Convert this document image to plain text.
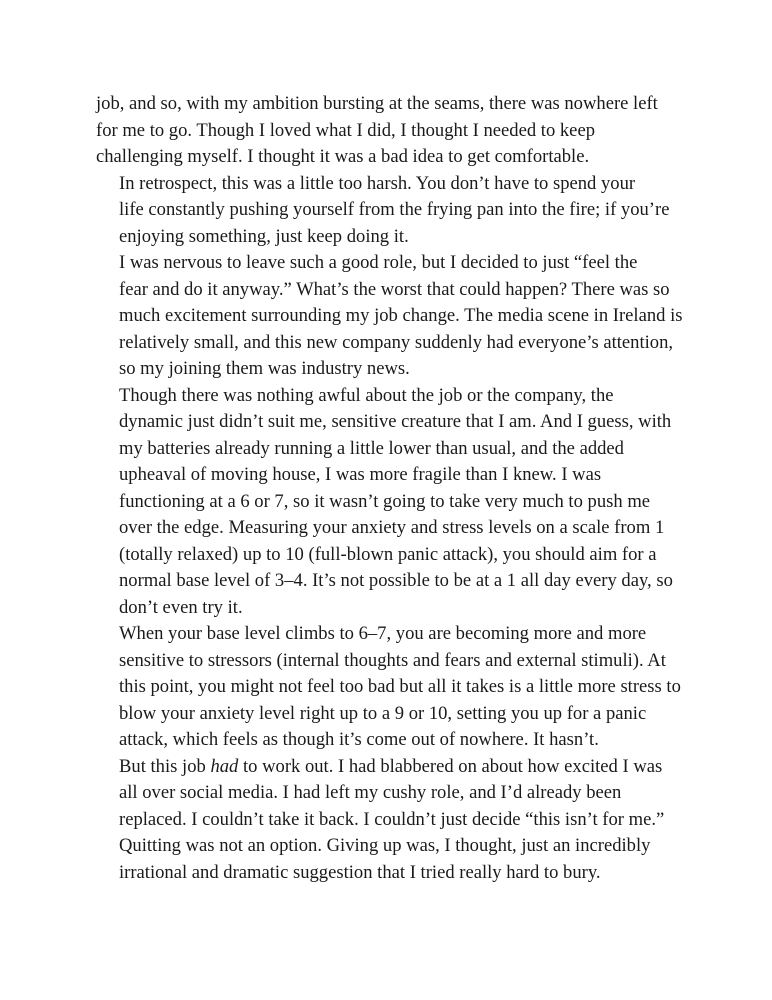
job, and so, with my ambition bursting at the seams, there was nowhere left
for me to go. Though I loved what I did, I thought I needed to keep
challenging myself. I thought it was a bad idea to get comfortable.

In retrospect, this was a little too harsh. You don’t have to spend your
life constantly pushing yourself from the frying pan into the fire; if you’re
enjoying something, just keep doing it.

I was nervous to leave such a good role, but I decided to just “feel the
fear and do it anyway.” What’s the worst that could happen? There was so
much excitement surrounding my job change. The media scene in Ireland is
relatively small, and this new company suddenly had everyone’s attention,
so my joining them was industry news.

Though there was nothing awful about the job or the company, the
dynamic just didn’t suit me, sensitive creature that I am. And I guess, with
my batteries already running a little lower than usual, and the added
upheaval of moving house, I was more fragile than I knew. I was
functioning at a 6 or 7, so it wasn’t going to take very much to push me
over the edge. Measuring your anxiety and stress levels on a scale from 1
(totally relaxed) up to 10 (full-blown panic attack), you should aim for a
normal base level of 3–4. It’s not possible to be at a 1 all day every day, so
don’t even try it.

When your base level climbs to 6–7, you are becoming more and more
sensitive to stressors (internal thoughts and fears and external stimuli). At
this point, you might not feel too bad but all it takes is a little more stress to
blow your anxiety level right up to a 9 or 10, setting you up for a panic
attack, which feels as though it’s come out of nowhere. It hasn’t.

But this job had to work out. I had blabbered on about how excited I was
all over social media. I had left my cushy role, and I’d already been
replaced. I couldn’t take it back. I couldn’t just decide “this isn’t for me.”
Quitting was not an option. Giving up was, I thought, just an incredibly
irrational and dramatic suggestion that I tried really hard to bury.
